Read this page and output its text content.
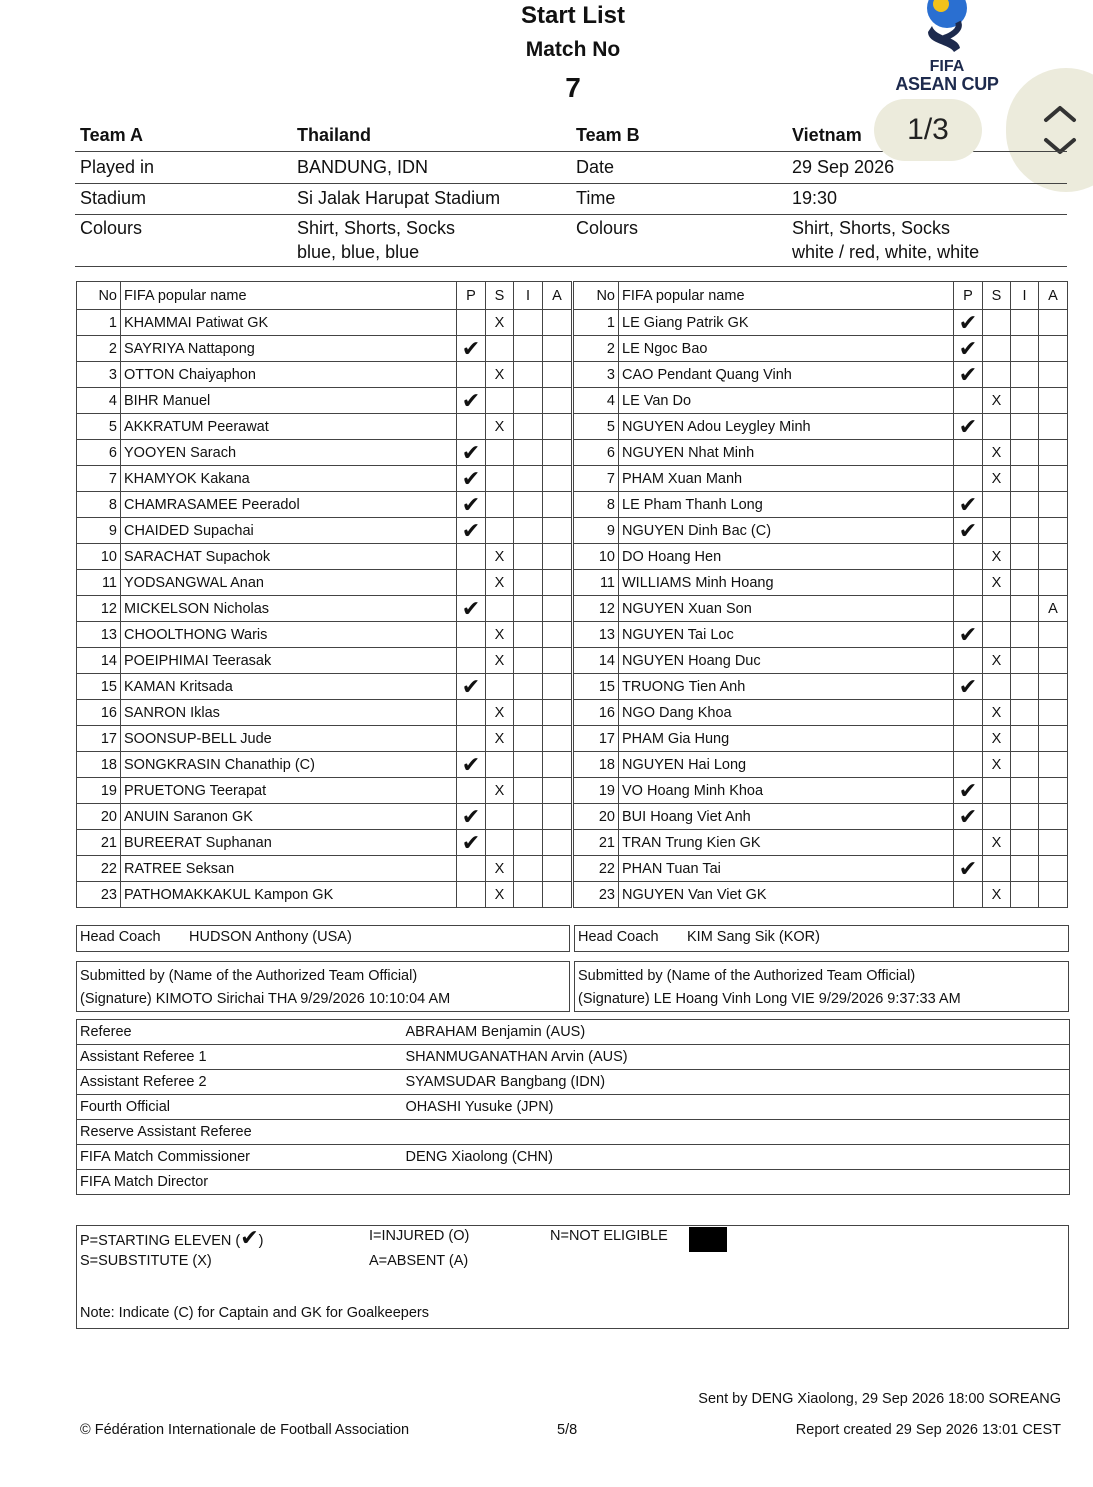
Start List
Match No
7
FIFA
ASEAN CUP
Team A	Thailand	Team B	Vietnam	1/3
Played in	BANDUNG, IDN	Date	29 Sep 2026
Stadium	Si Jalak Harupat Stadium	Time	19:30
Colours	Shirt, Shorts, Socks
blue, blue, blue
Colours	Shirt, Shorts, Socks
white / red, white, white
No	FIFA popular name	P	S	I	A
1	KHAMMAI Patiwat GK		X		
2	SAYRIYA Nattapong	✔			
3	OTTON Chaiyaphon		X		
4	BIHR Manuel	✔			
5	AKKRATUM Peerawat		X		
6	YOOYEN Sarach	✔			
7	KHAMYOK Kakana	✔			
8	CHAMRASAMEE Peeradol	✔			
9	CHAIDED Supachai	✔			
10	SARACHAT Supachok		X		
11	YODSANGWAL Anan		X		
12	MICKELSON Nicholas	✔			
13	CHOOLTHONG Waris		X		
14	POEIPHIMAI Teerasak		X		
15	KAMAN Kritsada	✔			
16	SANRON Iklas		X		
17	SOONSUP-BELL Jude		X		
18	SONGKRASIN Chanathip (C)	✔			
19	PRUETONG Teerapat		X		
20	ANUIN Saranon GK	✔			
21	BUREERAT Suphanan	✔			
22	RATREE Seksan		X		
23	PATHOMAKKAKUL Kampon GK		X		
No	FIFA popular name	P	S	I	A
1	LE Giang Patrik GK	✔			
2	LE Ngoc Bao	✔			
3	CAO Pendant Quang Vinh	✔			
4	LE Van Do		X		
5	NGUYEN Adou Leygley Minh	✔			
6	NGUYEN Nhat Minh		X		
7	PHAM Xuan Manh		X		
8	LE Pham Thanh Long	✔			
9	NGUYEN Dinh Bac (C)	✔			
10	DO Hoang Hen		X		
11	WILLIAMS Minh Hoang		X		
12	NGUYEN Xuan Son				A
13	NGUYEN Tai Loc	✔			
14	NGUYEN Hoang Duc		X		
15	TRUONG Tien Anh	✔			
16	NGO Dang Khoa		X		
17	PHAM Gia Hung		X		
18	NGUYEN Hai Long		X		
19	VO Hoang Minh Khoa	✔			
20	BUI Hoang Viet Anh	✔			
21	TRAN Trung Kien GK		X		
22	PHAN Tuan Tai	✔			
23	NGUYEN Van Viet GK		X		
Head Coach HUDSON Anthony (USA)	Head Coach KIM Sang Sik (KOR)
Submitted by (Name of the Authorized Team Official)
(Signature) KIMOTO Sirichai THA 9/29/2026 10:10:04 AM
Submitted by (Name of the Authorized Team Official)
(Signature) LE Hoang Vinh Long VIE 9/29/2026 9:37:33 AM
Referee	ABRAHAM Benjamin (AUS)
Assistant Referee 1	SHANMUGANATHAN Arvin (AUS)
Assistant Referee 2	SYAMSUDAR Bangbang (IDN)
Fourth Official	OHASHI Yusuke (JPN)
Reserve Assistant Referee	
FIFA Match Commissioner	DENG Xiaolong (CHN)
FIFA Match Director	
P=STARTING ELEVEN (✔)	I=INJURED (O)	N=NOT ELIGIBLE
S=SUBSTITUTE (X)	A=ABSENT (A)
Note: Indicate (C) for Captain and GK for Goalkeepers
Sent by DENG Xiaolong, 29 Sep 2026 18:00 SOREANG
© Fédération Internationale de Football Association	5/8	Report created 29 Sep 2026 13:01 CEST
